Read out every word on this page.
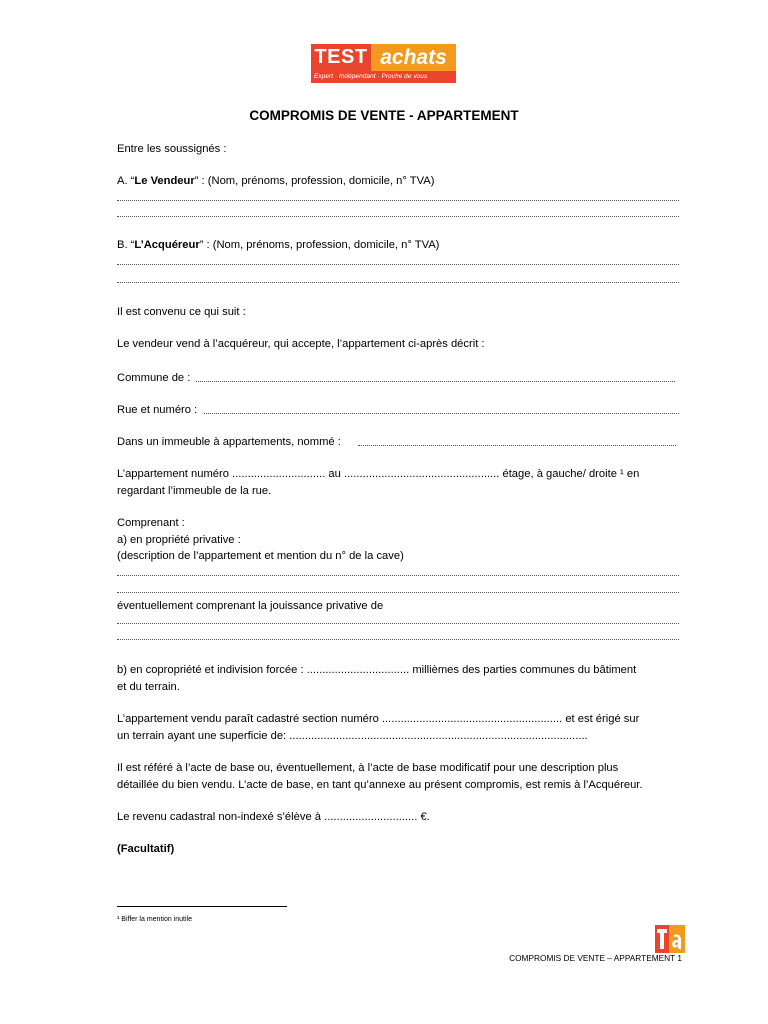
TEST achats
Expert · Indépendant · Proche de vous
COMPROMIS DE VENTE - APPARTEMENT
Entre les soussignés :
A. “Le Vendeur” : (Nom, prénoms, profession, domicile, n° TVA)
B. “L’Acquéreur” : (Nom, prénoms, profession, domicile, n° TVA)
Il est convenu ce qui suit :
Le vendeur vend à l’acquéreur, qui accepte, l’appartement ci-après décrit :
Commune de :
Rue et numéro :
Dans un immeuble à appartements, nommé :
L’appartement numéro .............................. au .................................................. étage, à gauche/ droite ¹ en
regardant l’immeuble de la rue.
Comprenant :
a) en propriété privative :
(description de l’appartement et mention du n° de la cave)
éventuellement comprenant la jouissance privative de
b) en copropriété et indivision forcée : ................................. millièmes des parties communes du bâtiment
et du terrain.
L’appartement vendu paraît cadastré section numéro .......................................................... et est érigé sur
un terrain ayant une superficie de: ................................................................................................
Il est référé à l’acte de base ou, éventuellement, à l’acte de base modificatif pour une description plus
détaillée du bien vendu. L’acte de base, en tant qu’annexe au présent compromis, est remis à l’Acquéreur.
Le revenu cadastral non-indexé s’élève à .............................. €.
(Facultatif)
¹ Biffer la mention inutile
COMPROMIS DE VENTE – APPARTEMENT 1
